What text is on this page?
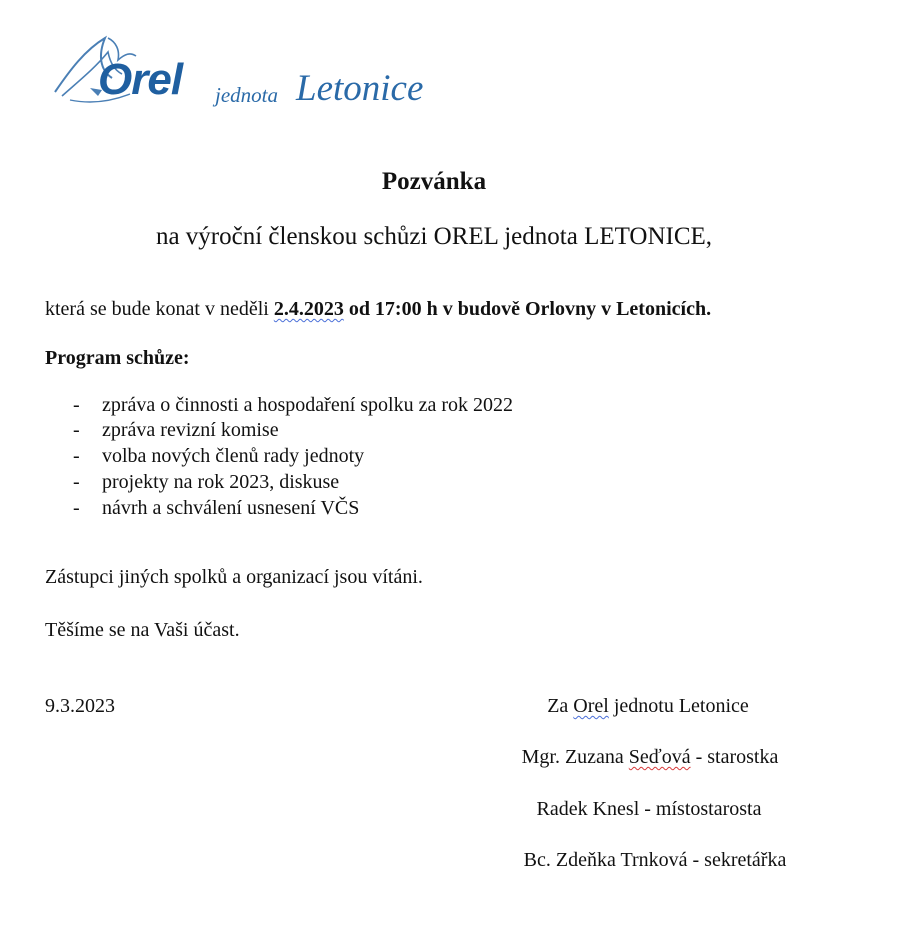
Orel jednota Letonice
Pozvánka
na výroční členskou schůzi OREL jednota LETONICE,
která se bude konat v neděli 2.4.2023 od 17:00 h v budově Orlovny v Letonicích.
Program schůze:
- zpráva o činnosti a hospodaření spolku za rok 2022
- zpráva revizní komise
- volba nových členů rady jednoty
- projekty na rok 2023, diskuse
- návrh a schválení usnesení VČS
Zástupci jiných spolků a organizací jsou vítáni.
Těšíme se na Vaši účast.
9.3.2023	Za Orel jednotu Letonice
Mgr. Zuzana Seďová - starostka
Radek Knesl - místostarosta
Bc. Zdeňka Trnková - sekretářka
